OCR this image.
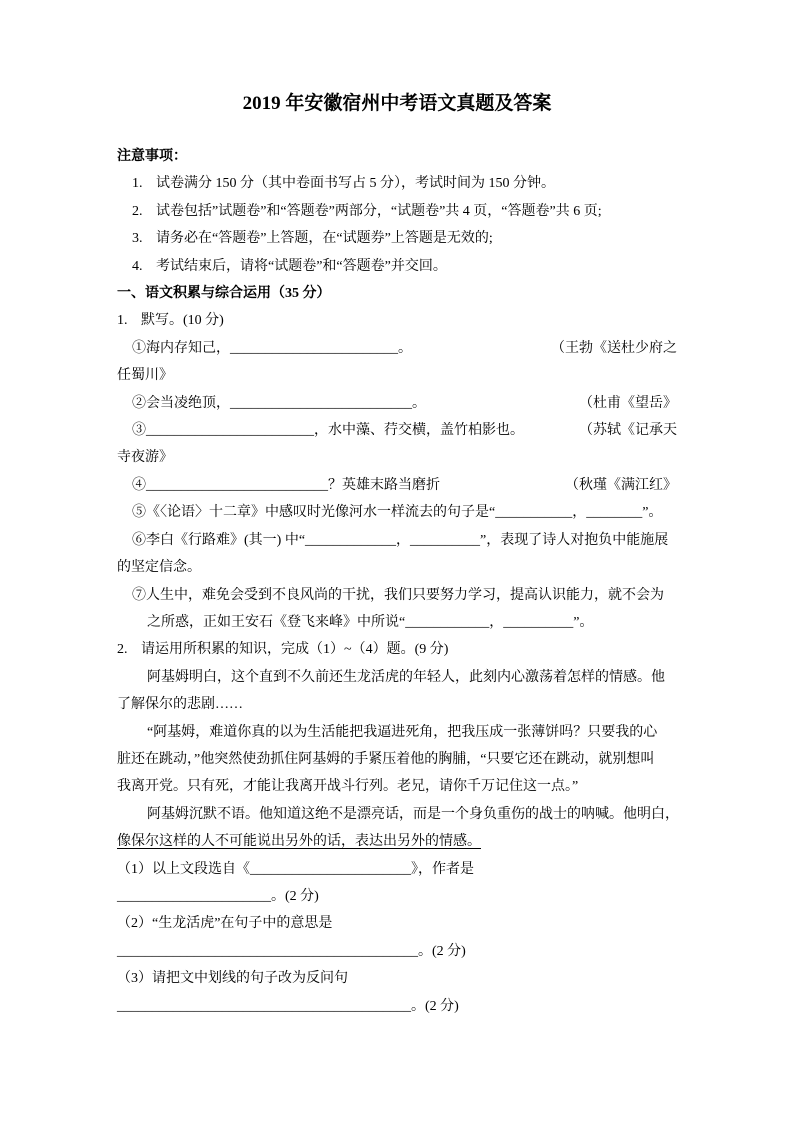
2019 年安徽宿州中考语文真题及答案
注意事项：
1. 试卷满分 150 分（其中卷面书写占 5 分），考试时间为 150 分钟。
2. 试卷包括”试题卷”和“答题卷”两部分，“试题卷”共 4 页，“答题卷”共 6 页;
3. 请务必在“答题卷”上答题，在“试题券”上答题是无效的;
4. 考试结束后，请将“试题卷”和“答题卷”并交回。
一、语文积累与综合运用（35 分）
1. 默写。(10 分)
①海内存知己，________________________。	（王勃《送杜少府之
任蜀川》
②会当凌绝顶，__________________________。	（杜甫《望岳》
③________________________，水中藻、荇交横，盖竹柏影也。	（苏轼《记承天
寺夜游》
④__________________________？英雄末路当磨折	（秋瑾《满江红》
⑤《〈论语〉十二章》中感叹时光像河水一样流去的句子是“___________，________”。
⑥李白《行路难》(其一) 中“_____________，__________”，表现了诗人对抱负中能施展
的坚定信念。
⑦人生中，难免会受到不良风尚的干扰，我们只要努力学习，提高认识能力，就不会为
之所惑，正如王安石《登飞来峰》中所说“____________，__________”。
2. 请运用所积累的知识，完成（1）~（4）题。(9 分)
阿基姆明白，这个直到不久前还生龙活虎的年轻人，此刻内心激荡着怎样的情感。他
了解保尔的悲剧……
“阿基姆，难道你真的以为生活能把我逼进死角，把我压成一张薄饼吗？只要我的心
脏还在跳动，”他突然使劲抓住阿基姆的手紧压着他的胸脯，“只要它还在跳动，就别想叫
我离开党。只有死，才能让我离开战斗行列。老兄，请你千万记住这一点。”
阿基姆沉默不语。他知道这绝不是漂亮话，而是一个身负重伤的战士的呐喊。他明白，
像保尔这样的人不可能说出另外的话，表达出另外的情感。
（1）以上文段选自《_______________________》，作者是
______________________。(2 分)
（2）“生龙活虎”在句子中的意思是
___________________________________________。(2 分)
（3）请把文中划线的句子改为反问句
__________________________________________。(2 分)
